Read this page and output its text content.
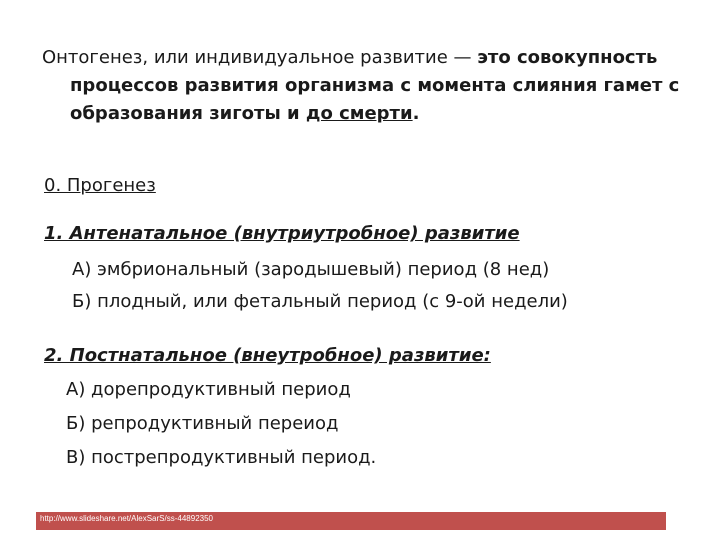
Онтогенез, или индивидуальное развитие — это совокупность
процессов развития организма с момента слияния гамет с
образования зиготы и до смерти.
0. Прогенез
1. Антенатальное (внутриутробное) развитие
А) эмбриональный (зародышевый) период (8 нед)
Б) плодный, или фетальный период (с 9-ой недели)
2. Постнатальное (внеутробное) развитие:
А) дорепродуктивный период
Б) репродуктивный переиод
В) пострепродуктивный период.
http://www.slideshare.net/AlexSarS/ss-44892350
